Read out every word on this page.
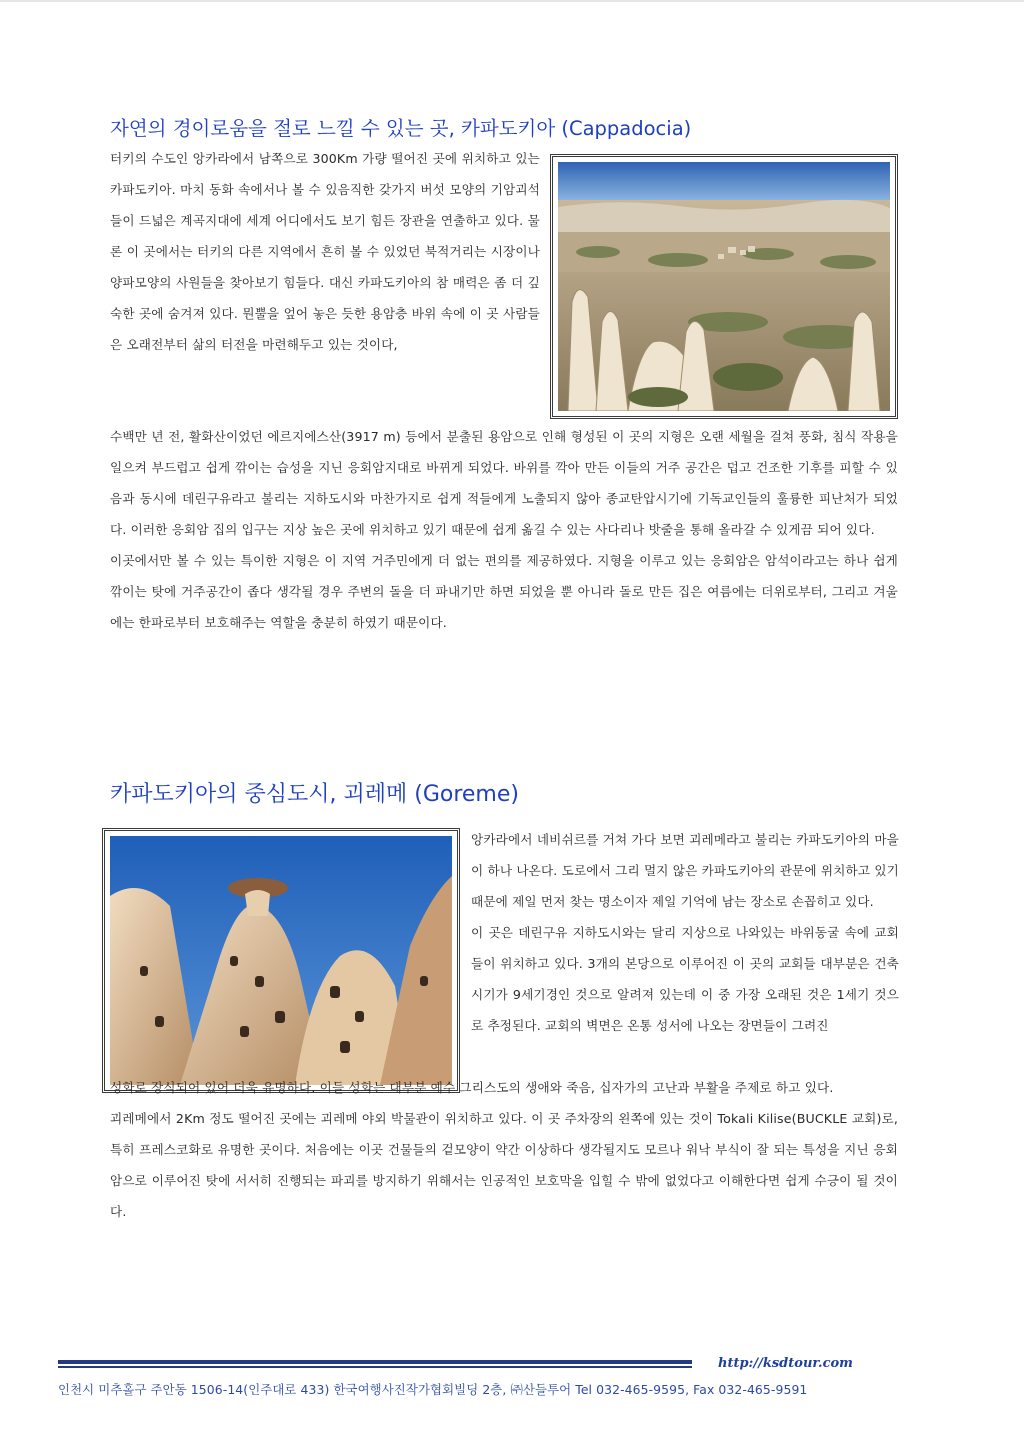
자연의 경이로움을 절로 느낄 수 있는 곳, 카파도키아 (Cappadocia)

터키의 수도인 앙카라에서 남쪽으로 300Km 가량 떨어진 곳에 위치하고 있는 카파도키아. 마치 동화 속에서나 볼 수 있음직한 갖가지 버섯 모양의 기암괴석들이 드넓은 계곡지대에 세계 어디에서도 보기 힘든 장관을 연출하고 있다. 물론 이 곳에서는 터키의 다른 지역에서 흔히 볼 수 있었던 북적거리는 시장이나 양파모양의 사원들을 찾아보기 힘들다. 대신 카파도키아의 참 매력은 좀 더 깊숙한 곳에 숨겨져 있다. 뭔뿔을 엎어 놓은 듯한 용암층 바위 속에 이 곳 사람들은 오래전부터 삶의 터전을 마련해두고 있는 것이다,

수백만 년 전, 활화산이었던 에르지에스산(3917 m) 등에서 분출된 용암으로 인해 형성된 이 곳의 지형은 오랜 세월을 걸쳐 풍화, 침식 작용을 일으켜 부드럽고 쉽게 깎이는 습성을 지닌 응회암지대로 바뀌게 되었다. 바위를 깍아 만든 이들의 거주 공간은 덥고 건조한 기후를 피할 수 있음과 동시에 데린구유라고 불리는 지하도시와 마찬가지로 쉽게 적들에게 노출되지 않아 종교탄압시기에 기독교인들의 훌륭한 피난처가 되었다. 이러한 응회암 집의 입구는 지상 높은 곳에 위치하고 있기 때문에 쉽게 옮길 수 있는 사다리나 밧줄을 통해 올라갈 수 있게끔 되어 있다.

이곳에서만 볼 수 있는 특이한 지형은 이 지역 거주민에게 더 없는 편의를 제공하였다. 지형을 이루고 있는 응회암은 암석이라고는 하나 쉽게 깎이는 탓에 거주공간이 좁다 생각될 경우 주변의 돌을 더 파내기만 하면 되었을 뿐 아니라 돌로 만든 집은 여름에는 더위로부터, 그리고 겨울에는 한파로부터 보호해주는 역할을 충분히 하였기 때문이다.

카파도키아의 중심도시, 괴레메 (Goreme)

앙카라에서 네비쉬르를 거쳐 가다 보면 괴레메라고 불리는 카파도키아의 마을이 하나 나온다. 도로에서 그리 멀지 않은 카파도키아의 관문에 위치하고 있기 때문에 제일 먼저 찾는 명소이자 제일 기억에 남는 장소로 손꼽히고 있다.

이 곳은 데린구유 지하도시와는 달리 지상으로 나와있는 바위동굴 속에 교회들이 위치하고 있다. 3개의 본당으로 이루어진 이 곳의 교회들 대부분은 건축시기가 9세기경인 것으로 알려져 있는데 이 중 가장 오래된 것은 1세기 것으로 추정된다. 교회의 벽면은 온통 성서에 나오는 장면들이 그려진

성화로 장식되어 있어 더욱 유명하다. 이들 성화는 대부분 예수 그리스도의 생애와 죽음, 십자가의 고난과 부활을 주제로 하고 있다.

괴레메에서 2Km 정도 떨어진 곳에는 괴레메 야외 박물관이 위치하고 있다. 이 곳 주차장의 왼쪽에 있는 것이 Tokali Kilise(BUCKLE 교회)로, 특히 프레스코화로 유명한 곳이다. 처음에는 이곳 건물들의 겉모양이 약간 이상하다 생각될지도 모르나 워낙 부식이 잘 되는 특성을 지닌 응회암으로 이루어진 탓에 서서히 진행되는 파괴를 방지하기 위해서는 인공적인 보호막을 입힐 수 밖에 없었다고 이해한다면 쉽게 수긍이 될 것이다.

http://ksdtour.com

인천시 미추홀구 주안동 1506-14(인주대로 433) 한국여행사진작가협회빌딩 2층, ㈜산들투어 Tel 032-465-9595, Fax 032-465-9591
